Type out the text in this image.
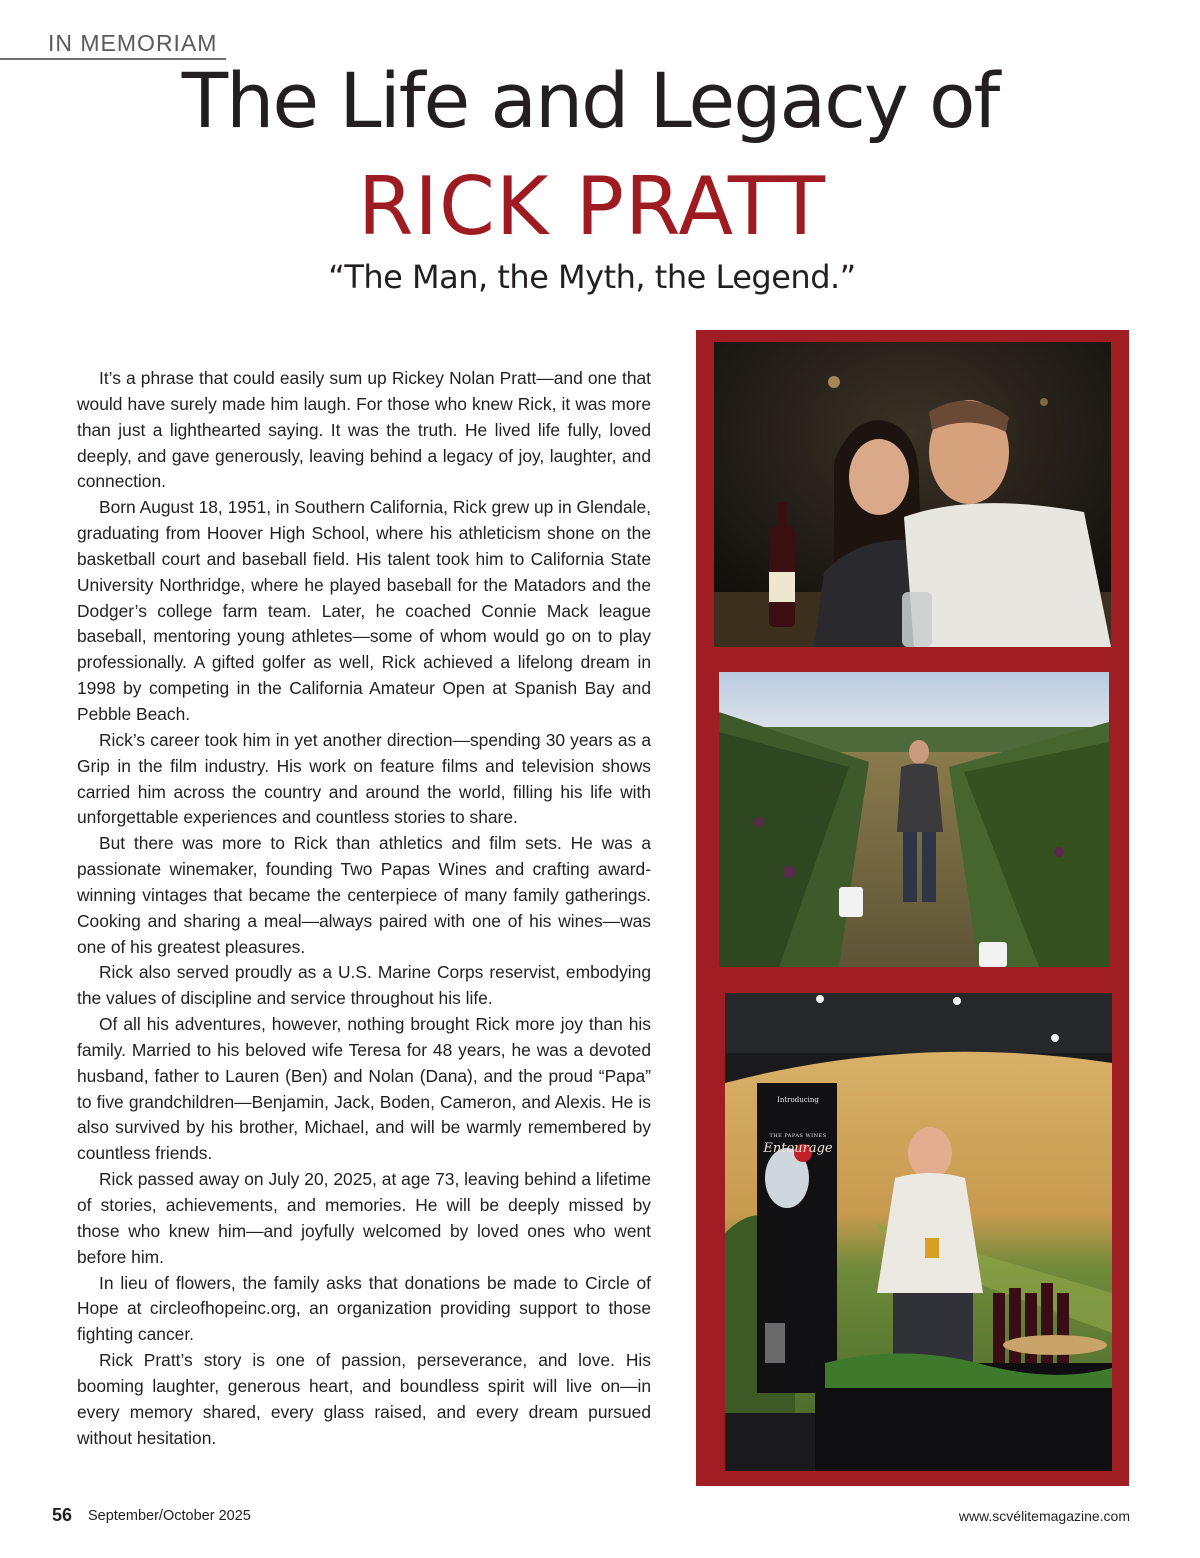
IN MEMORIAM
The Life and Legacy of
RICK PRATT
“The Man, the Myth, the Legend.”

It’s a phrase that could easily sum up Rickey Nolan Pratt—and one that would have surely made him laugh. For those who knew Rick, it was more than just a lighthearted saying. It was the truth. He lived life fully, loved deeply, and gave generously, leaving behind a legacy of joy, laughter, and connection.

Born August 18, 1951, in Southern California, Rick grew up in Glendale, graduating from Hoover High School, where his athleticism shone on the basketball court and baseball field. His talent took him to California State University Northridge, where he played baseball for the Matadors and the Dodger’s college farm team. Later, he coached Connie Mack league baseball, mentoring young athletes—some of whom would go on to play professionally. A gifted golfer as well, Rick achieved a lifelong dream in 1998 by competing in the California Amateur Open at Spanish Bay and Pebble Beach.

Rick’s career took him in yet another direction—spending 30 years as a Grip in the film industry. His work on feature films and television shows carried him across the country and around the world, filling his life with unforgettable experiences and countless stories to share.

But there was more to Rick than athletics and film sets. He was a passionate winemaker, founding Two Papas Wines and crafting award-winning vintages that became the centerpiece of many family gatherings. Cooking and sharing a meal—always paired with one of his wines—was one of his greatest pleasures.

Rick also served proudly as a U.S. Marine Corps reservist, embodying the values of discipline and service throughout his life.

Of all his adventures, however, nothing brought Rick more joy than his family. Married to his beloved wife Teresa for 48 years, he was a devoted husband, father to Lauren (Ben) and Nolan (Dana), and the proud “Papa” to five grandchildren—Benjamin, Jack, Boden, Cameron, and Alexis. He is also survived by his brother, Michael, and will be warmly remembered by countless friends.

Rick passed away on July 20, 2025, at age 73, leaving behind a lifetime of stories, achievements, and memories. He will be deeply missed by those who knew him—and joyfully welcomed by loved ones who went before him.

In lieu of flowers, the family asks that donations be made to Circle of Hope at circleofhopeinc.org, an organization providing support to those fighting cancer.

Rick Pratt’s story is one of passion, perseverance, and love. His booming laughter, generous heart, and boundless spirit will live on—in every memory shared, every glass raised, and every dream pursued without hesitation.

Introducing
THE PAPAS WINES
Entourage
56 September/October 2025	www.scvélitemagazine.com
